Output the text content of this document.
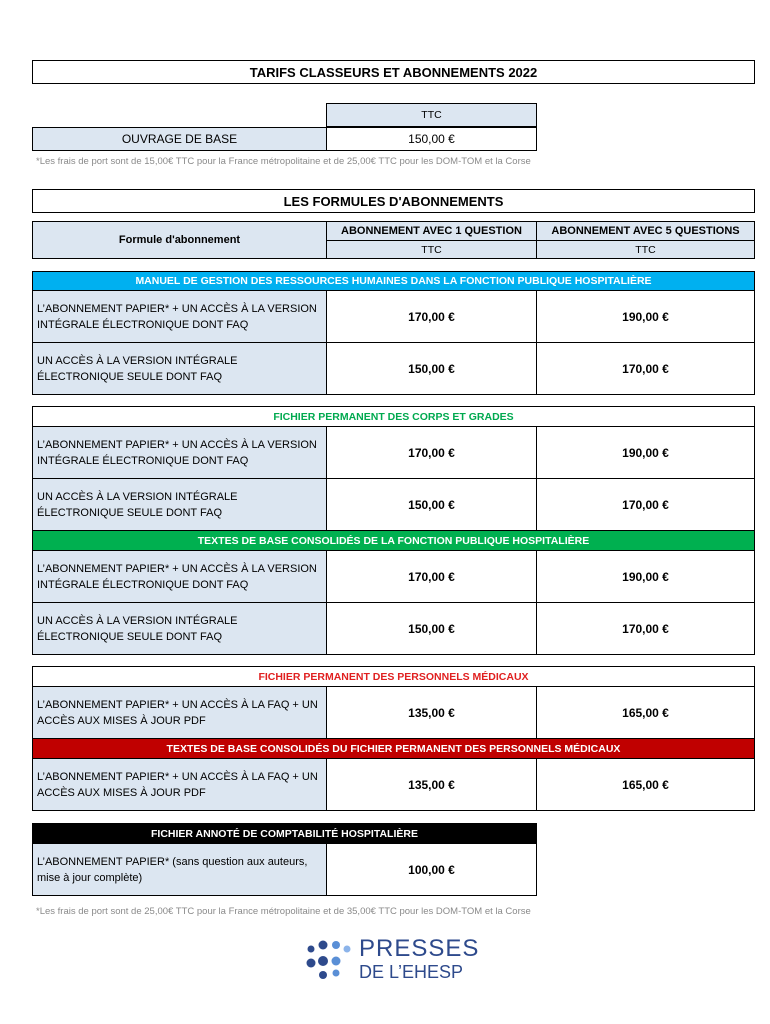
TARIFS CLASSEURS ET ABONNEMENTS 2022
TTC
OUVRAGE DE BASE	150,00 €
*Les frais de port sont de 15,00€ TTC pour la France métropolitaine et de 25,00€ TTC pour les DOM-TOM et la Corse
LES FORMULES D'ABONNEMENTS
Formule d'abonnement
ABONNEMENT AVEC 1 QUESTION	ABONNEMENT AVEC 5 QUESTIONS
TTC	TTC
MANUEL DE GESTION DES RESSOURCES HUMAINES DANS LA FONCTION PUBLIQUE HOSPITALIÈRE
L’ABONNEMENT PAPIER* + UN ACCÈS À LA VERSION INTÉGRALE ÉLECTRONIQUE DONT FAQ
170,00 €	190,00 €
UN ACCÈS À LA VERSION INTÉGRALE ÉLECTRONIQUE SEULE DONT FAQ
150,00 €	170,00 €
FICHIER PERMANENT DES CORPS ET GRADES
L’ABONNEMENT PAPIER* + UN ACCÈS À LA VERSION INTÉGRALE ÉLECTRONIQUE DONT FAQ
170,00 €	190,00 €
UN ACCÈS À LA VERSION INTÉGRALE ÉLECTRONIQUE SEULE DONT FAQ
150,00 €	170,00 €
TEXTES DE BASE CONSOLIDÉS DE LA FONCTION PUBLIQUE HOSPITALIÈRE
L’ABONNEMENT PAPIER* + UN ACCÈS À LA VERSION INTÉGRALE ÉLECTRONIQUE DONT FAQ
170,00 €	190,00 €
UN ACCÈS À LA VERSION INTÉGRALE ÉLECTRONIQUE SEULE DONT FAQ
150,00 €	170,00 €
FICHIER PERMANENT DES PERSONNELS MÉDICAUX
L’ABONNEMENT PAPIER* + UN ACCÈS À LA FAQ + UN ACCÈS AUX MISES À JOUR PDF
135,00 €	165,00 €
TEXTES DE BASE CONSOLIDÉS DU FICHIER PERMANENT DES PERSONNELS MÉDICAUX
L’ABONNEMENT PAPIER* + UN ACCÈS À LA FAQ + UN ACCÈS AUX MISES À JOUR PDF
135,00 €	165,00 €
FICHIER ANNOTÉ DE COMPTABILITÉ HOSPITALIÈRE
L’ABONNEMENT PAPIER* (sans question aux auteurs, mise à jour complète)
100,00 €
*Les frais de port sont de 25,00€ TTC pour la France métropolitaine et de 35,00€ TTC pour les DOM-TOM et la Corse
PRESSES
DE L’EHESP
